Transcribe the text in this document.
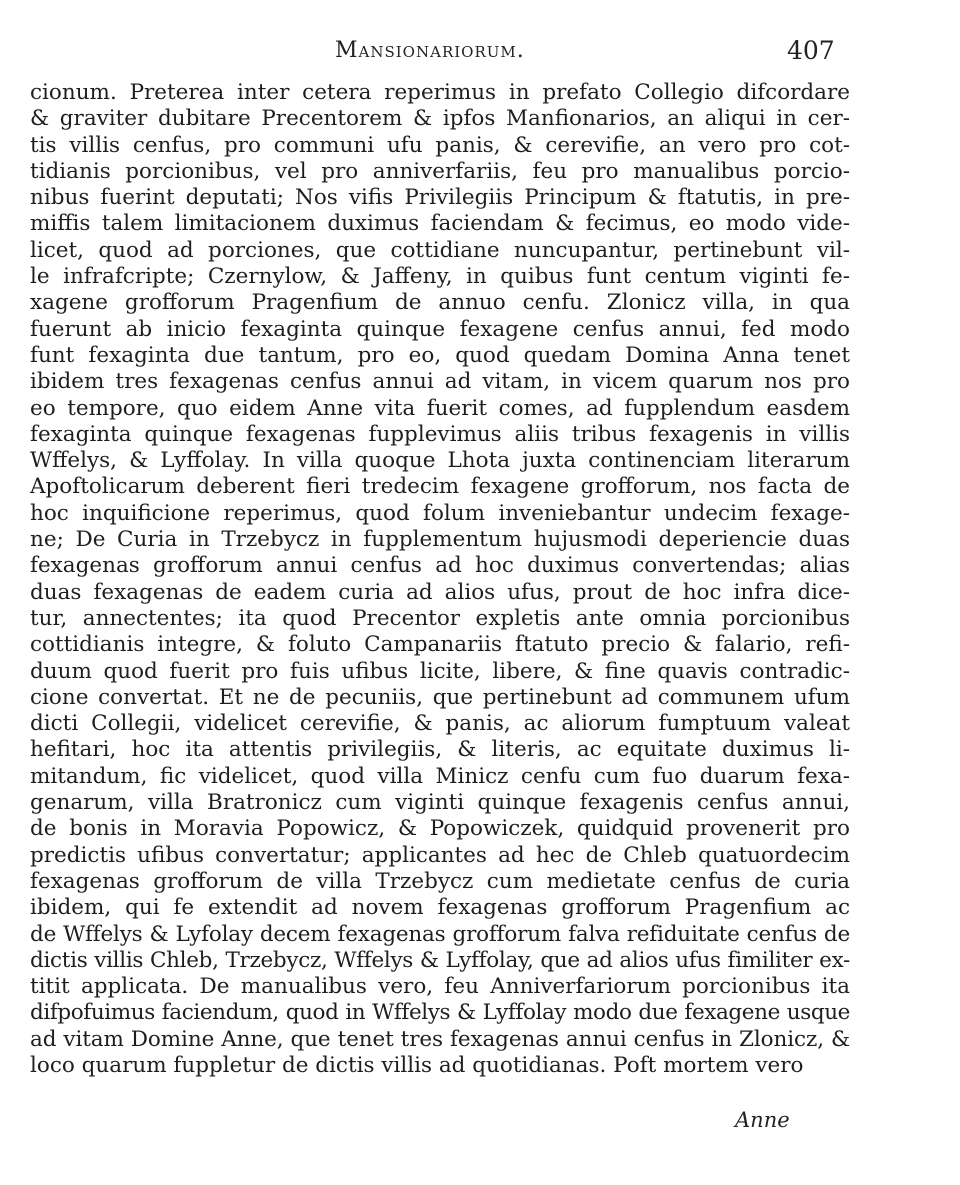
Mansionariorum.	407
cionum. Preterea inter cetera reperimus in prefato Collegio difcordare
& graviter dubitare Precentorem & ipfos Manfionarios, an aliqui in cer-
tis villis cenfus, pro communi ufu panis, & cerevifie, an vero pro cot-
tidianis porcionibus, vel pro anniverfariis, feu pro manualibus porcio-
nibus fuerint deputati; Nos vifis Privilegiis Principum & ftatutis, in pre-
miffis talem limitacionem duximus faciendam & fecimus, eo modo vide-
licet, quod ad porciones, que cottidiane nuncupantur, pertinebunt vil-
le infrafcripte; Czernylow, & Jaffeny, in quibus funt centum viginti fe-
xagene grofforum Pragenfium de annuo cenfu. Zlonicz villa, in qua
fuerunt ab inicio fexaginta quinque fexagene cenfus annui, fed modo
funt fexaginta due tantum, pro eo, quod quedam Domina Anna tenet
ibidem tres fexagenas cenfus annui ad vitam, in vicem quarum nos pro
eo tempore, quo eidem Anne vita fuerit comes, ad fupplendum easdem
fexaginta quinque fexagenas fupplevimus aliis tribus fexagenis in villis
Wffelys, & Lyffolay. In villa quoque Lhota juxta continenciam literarum
Apoftolicarum deberent fieri tredecim fexagene grofforum, nos facta de
hoc inquificione reperimus, quod folum inveniebantur undecim fexage-
ne; De Curia in Trzebycz in fupplementum hujusmodi deperiencie duas
fexagenas grofforum annui cenfus ad hoc duximus convertendas; alias
duas fexagenas de eadem curia ad alios ufus, prout de hoc infra dice-
tur, annectentes; ita quod Precentor expletis ante omnia porcionibus
cottidianis integre, & foluto Campanariis ftatuto precio & falario, refi-
duum quod fuerit pro fuis ufibus licite, libere, & fine quavis contradic-
cione convertat. Et ne de pecuniis, que pertinebunt ad communem ufum
dicti Collegii, videlicet cerevifie, & panis, ac aliorum fumptuum valeat
hefitari, hoc ita attentis privilegiis, & literis, ac equitate duximus li-
mitandum, fic videlicet, quod villa Minicz cenfu cum fuo duarum fexa-
genarum, villa Bratronicz cum viginti quinque fexagenis cenfus annui,
de bonis in Moravia Popowicz, & Popowiczek, quidquid provenerit pro
predictis ufibus convertatur; applicantes ad hec de Chleb quatuordecim
fexagenas grofforum de villa Trzebycz cum medietate cenfus de curia
ibidem, qui fe extendit ad novem fexagenas grofforum Pragenfium ac
de Wffelys & Lyfolay decem fexagenas grofforum falva refiduitate cenfus de
dictis villis Chleb, Trzebycz, Wffelys & Lyffolay, que ad alios ufus fimiliter ex-
titit applicata. De manualibus vero, feu Anniverfariorum porcionibus ita
difpofuimus faciendum, quod in Wffelys & Lyffolay modo due fexagene usque
ad vitam Domine Anne, que tenet tres fexagenas annui cenfus in Zlonicz, &
loco quarum fuppletur de dictis villis ad quotidianas. Poft mortem vero
Anne
